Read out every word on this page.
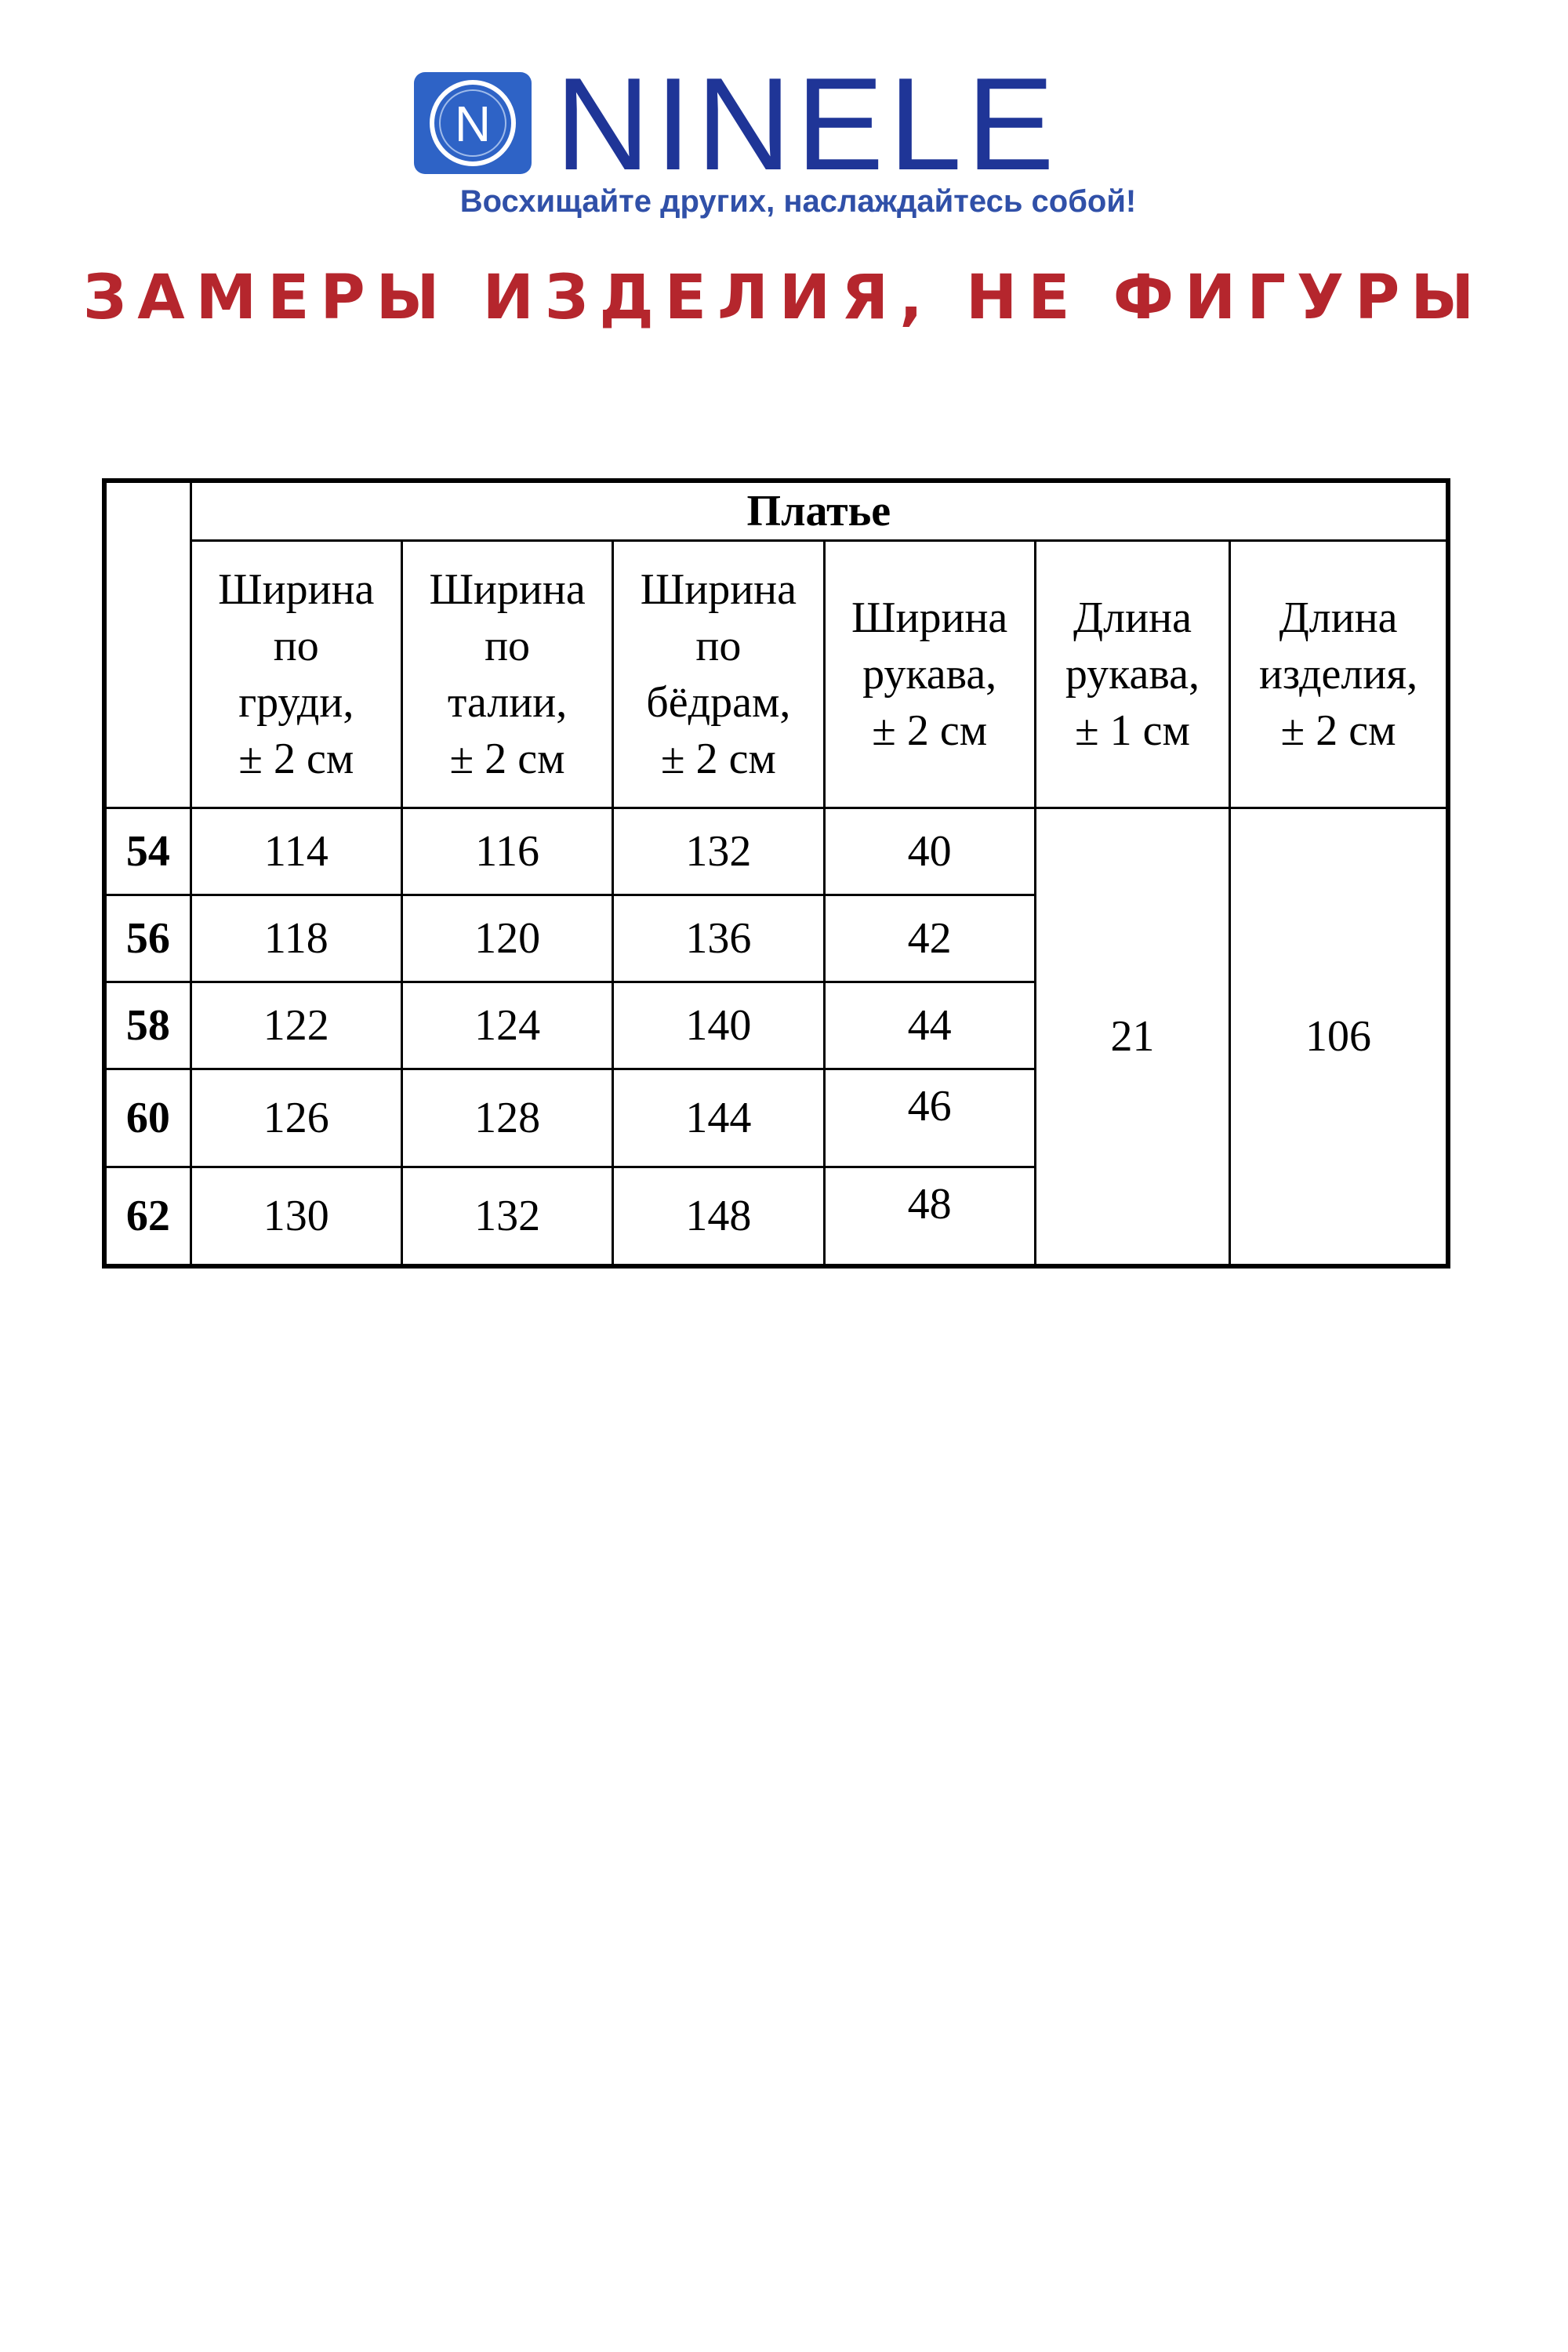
N NINELE
Восхищайте других, наслаждайтесь собой!
ЗАМЕРЫ ИЗДЕЛИЯ, НЕ ФИГУРЫ
	Платье					

	Ширина
по
груди,
± 2 см	Ширина
по
талии,
± 2 см	Ширина
по
бёдрам,
± 2 см	Ширина
рукава,
± 2 см	Длина
рукава,
± 1 см	Длина
изделия,
± 2 см

54	114	116	132	40	21	106
56	118	120	136	42		
58	122	124	140	44		
60	126	128	144	46		
62	130	132	148	48		
